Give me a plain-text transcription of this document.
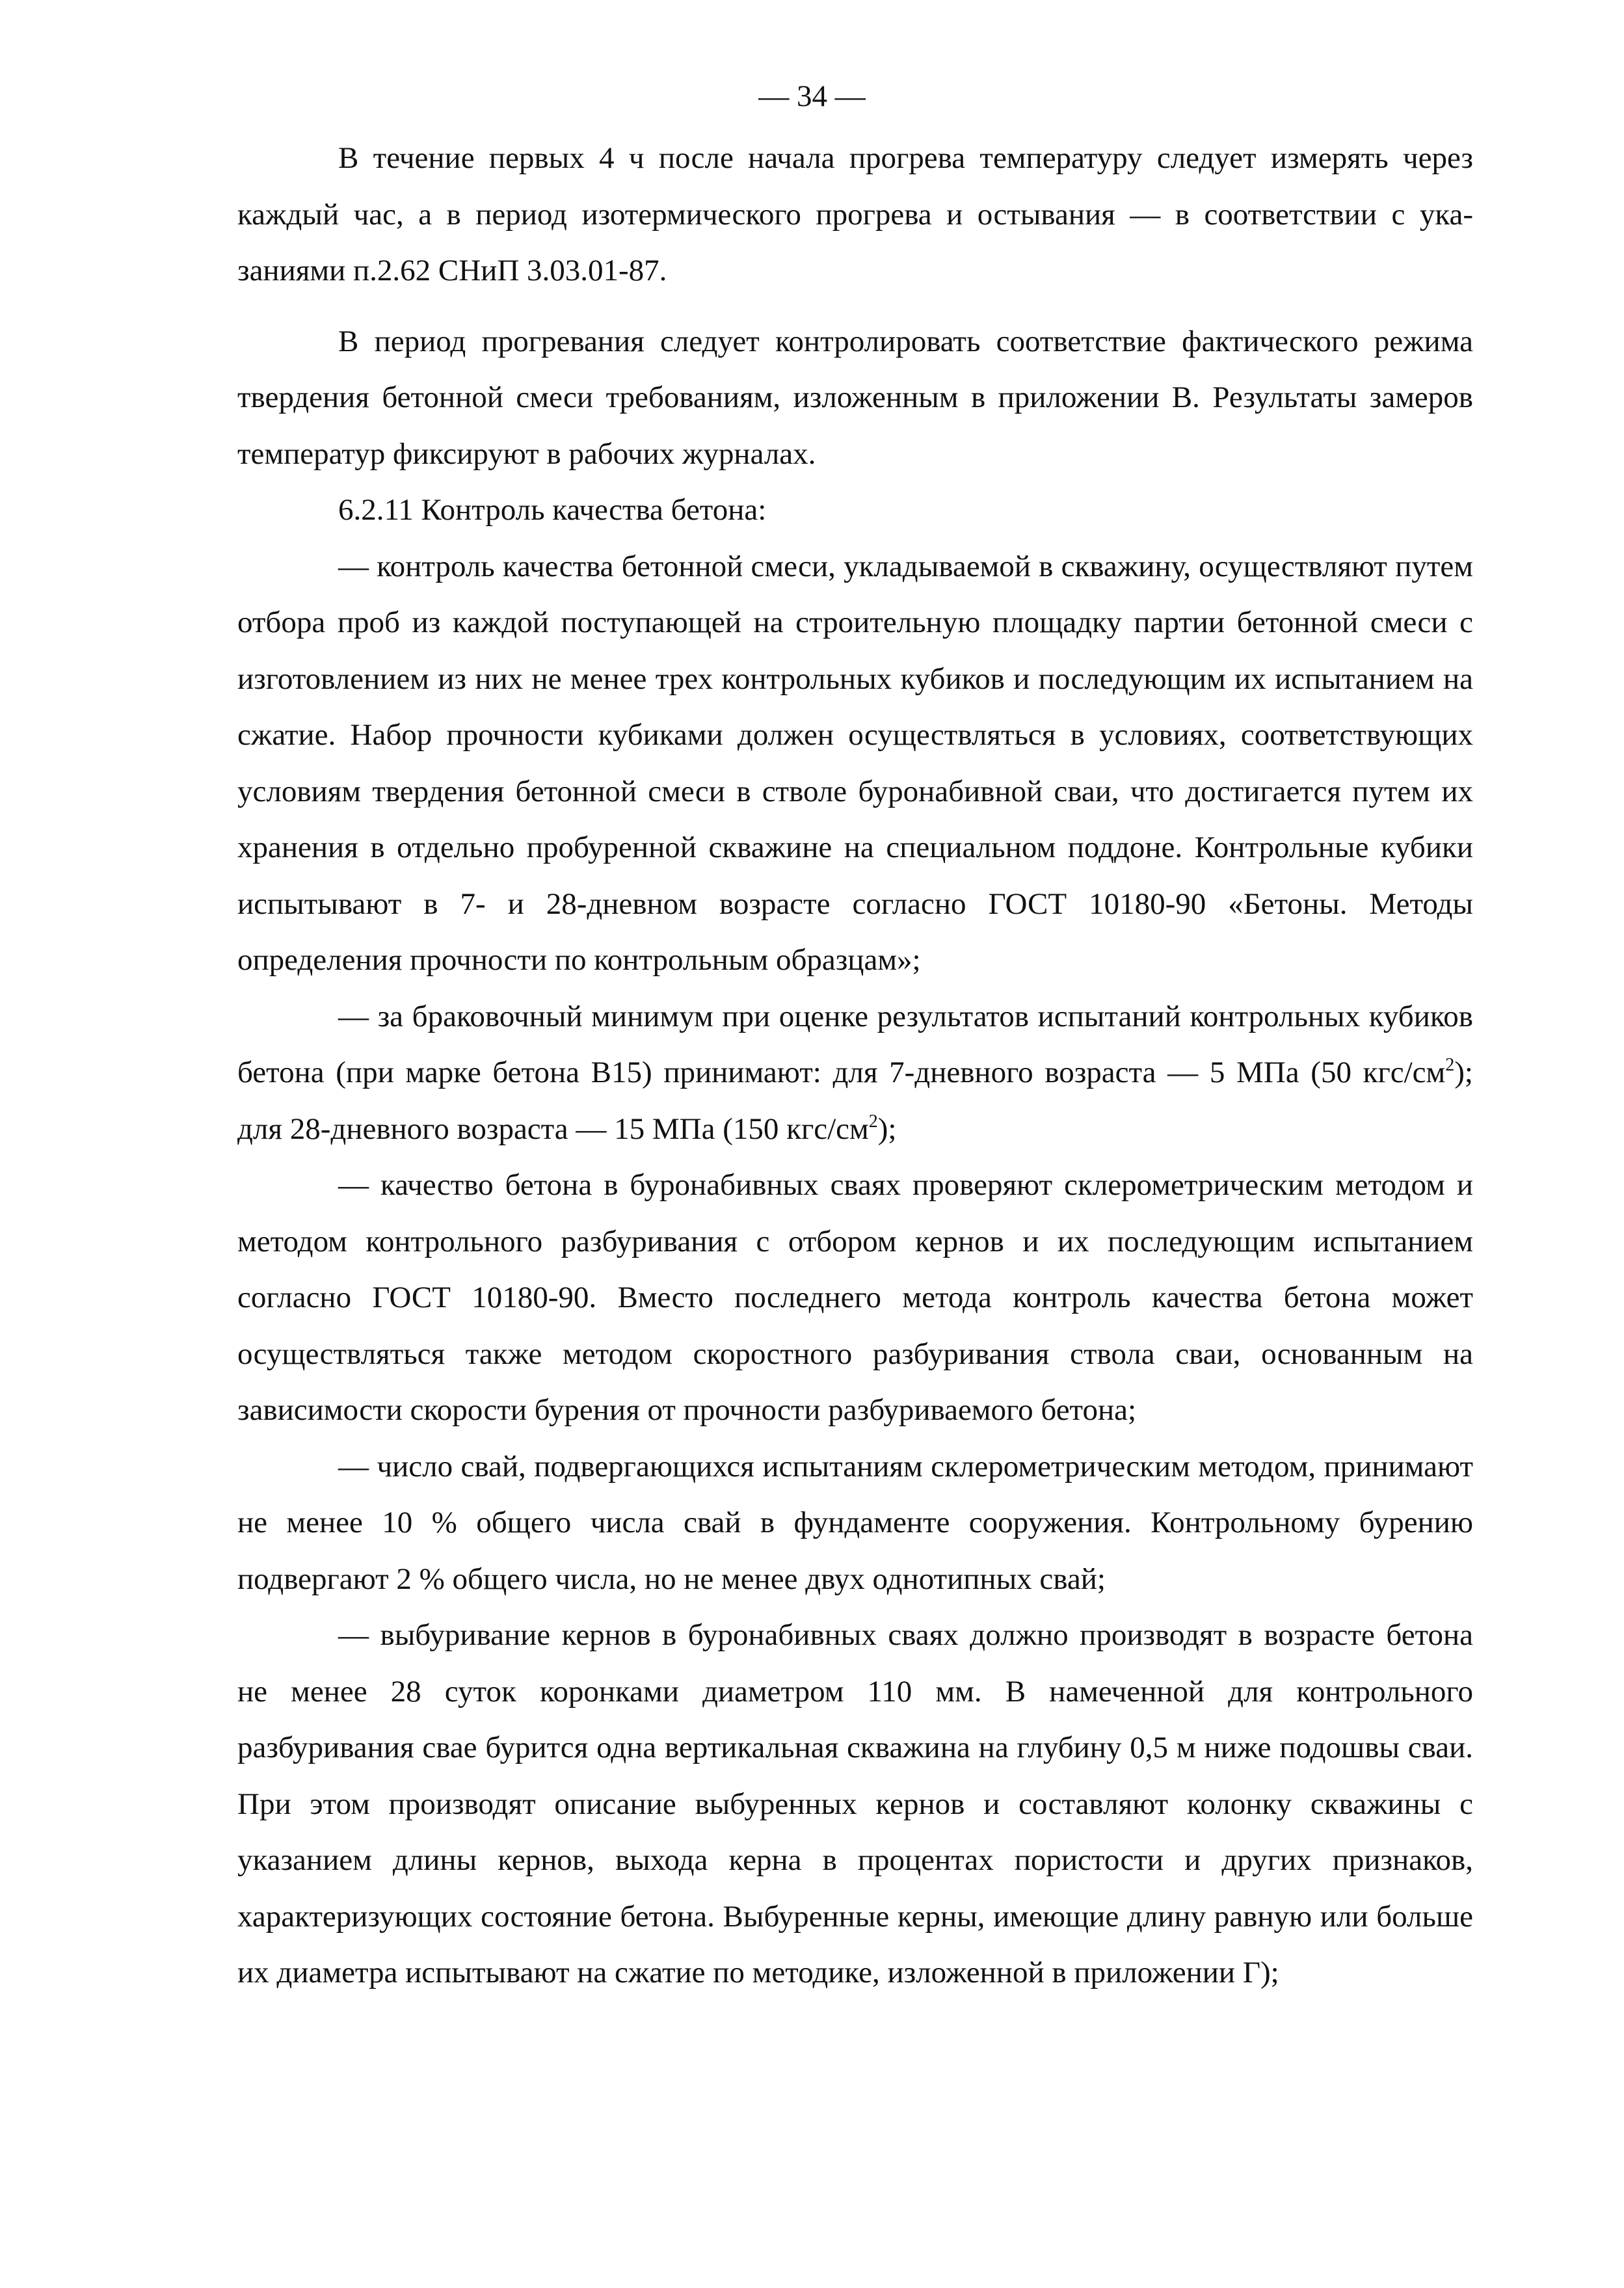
— 34 —

В течение первых 4 ч после начала прогрева температуру следует измерять через каждый час, а в период изотермического прогрева и остывания — в соответствии с указаниями п.2.62 СНиП 3.03.01-87.

В период прогревания следует контролировать соответствие фактического режима твердения бетонной смеси требованиям, изложенным в приложении В. Результаты замеров температур фиксируют в рабочих журналах.

6.2.11 Контроль качества бетона:

— контроль качества бетонной смеси, укладываемой в скважину, осуществляют путем отбора проб из каждой поступающей на строительную площадку партии бетонной смеси с изготовлением из них не менее трех контрольных кубиков и последующим их испытанием на сжатие. Набор прочности кубиками должен осуществляться в условиях, соответствующих условиям твердения бетонной смеси в стволе буронабивной сваи, что достигается путем их хранения в отдельно пробуренной скважине на специальном поддоне. Контрольные кубики испытывают в 7- и 28-дневном возрасте согласно ГОСТ 10180-90 «Бетоны. Методы определения прочности по контрольным образцам»;

— за браковочный минимум при оценке результатов испытаний контрольных кубиков бетона (при марке бетона В15) принимают: для 7-дневного возраста — 5 МПа (50 кгс/$см^2$); для 28-дневного возраста — 15 МПа (150 кгс/$см^2$);

— качество бетона в буронабивных сваях проверяют склерометрическим методом и методом контрольного разбуривания с отбором кернов и их последующим испытанием согласно ГОСТ 10180-90. Вместо последнего метода контроль качества бетона может осуществляться также методом скоростного разбуривания ствола сваи, основанным на зависимости скорости бурения от прочности разбуриваемого бетона;

— число свай, подвергающихся испытаниям склерометрическим методом, принимают не менее 10 % общего числа свай в фундаменте сооружения. Контрольному бурению подвергают 2 % общего числа, но не менее двух однотипных свай;

— выбуривание кернов в буронабивных сваях должно производят в возрасте бетона не менее 28 суток коронками диаметром 110 мм. В намеченной для контрольного разбуривания свае бурится одна вертикальная скважина на глубину 0,5 м ниже подошвы сваи. При этом производят описание выбуренных кернов и составляют колонку скважины с указанием длины кернов, выхода керна в процентах пористости и других признаков, характеризующих состояние бетона. Выбуренные керны, имеющие длину равную или больше их диаметра испытывают на сжатие по методике, изложенной в приложении Г);
